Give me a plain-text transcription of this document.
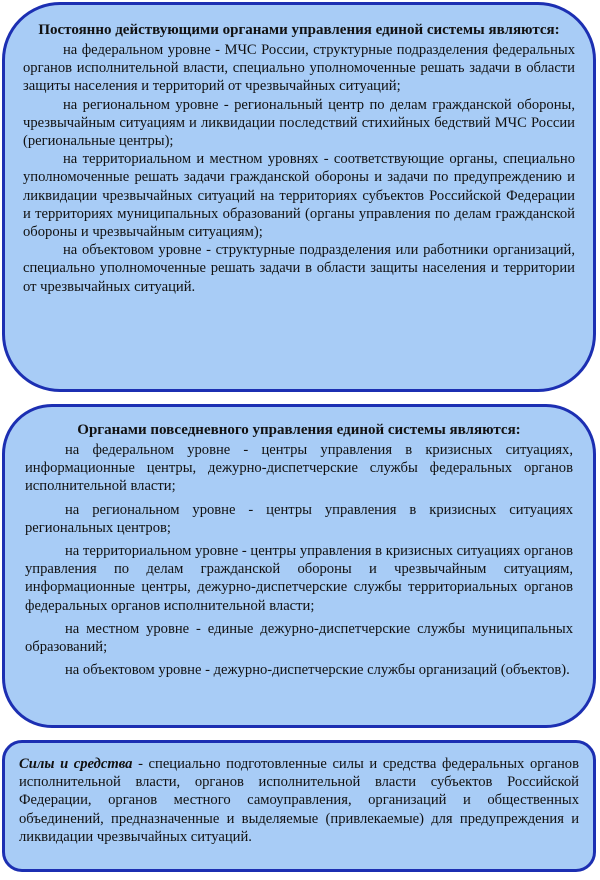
Постоянно действующими органами управления единой системы являются:

на федеральном уровне - МЧС России, структурные подразделения федеральных органов исполнительной власти, специально уполномоченные решать задачи в области защиты населения и территорий от чрезвычайных ситуаций;

на региональном уровне - региональный центр по делам гражданской обороны, чрезвычайным ситуациям и ликвидации последствий стихийных бедствий МЧС России (региональные центры);

на территориальном и местном уровнях - соответствующие органы, специально уполномоченные решать задачи гражданской обороны и задачи по предупреждению и ликвидации чрезвычайных ситуаций на территориях субъектов Российской Федерации и территориях муниципальных образований (органы управления по делам гражданской обороны и чрезвычайным ситуациям);

на объектовом уровне - структурные подразделения или работники организаций, специально уполномоченные решать задачи в области защиты населения и территории от чрезвычайных ситуаций.

Органами повседневного управления единой системы являются:

на федеральном уровне - центры управления в кризисных ситуациях, информационные центры, дежурно-диспетчерские службы федеральных органов исполнительной власти;

на региональном уровне - центры управления в кризисных ситуациях региональных центров;

на территориальном уровне - центры управления в кризисных ситуациях органов управления по делам гражданской обороны и чрезвычайным ситуациям, информационные центры, дежурно-диспетчерские службы территориальных органов федеральных органов исполнительной власти;

на местном уровне - единые дежурно-диспетчерские службы муниципальных образований;

на объектовом уровне - дежурно-диспетчерские службы организаций (объектов).

Силы и средства - специально подготовленные силы и средства федеральных органов исполнительной власти, органов исполнительной власти субъектов Российской Федерации, органов местного самоуправления, организаций и общественных объединений, предназначенные и выделяемые (привлекаемые) для предупреждения и ликвидации чрезвычайных ситуаций.
